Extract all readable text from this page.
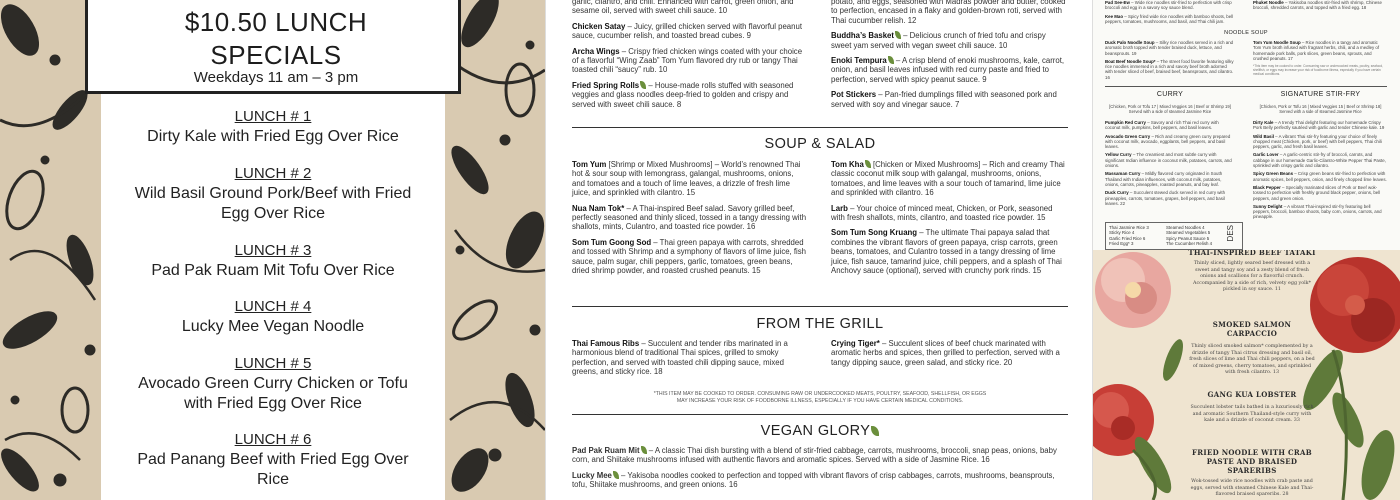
$10.50 LUNCH
SPECIALS
Weekdays 11 am – 3 pm
LUNCH # 1
Dirty Kale with Fried Egg Over Rice
LUNCH # 2
Wild Basil Ground Pork/Beef with Fried Egg Over Rice
LUNCH # 3
Pad Pak Ruam Mit Tofu Over Rice
LUNCH # 4
Lucky Mee Vegan Noodle
LUNCH # 5
Avocado Green Curry Chicken or Tofu with Fried Egg Over Rice
LUNCH # 6
Pad Panang Beef with Fried Egg Over Rice

garlic, cilantro, and chili. Enhanced with carrot, green onion, and sesame oil, served with sweet chili sauce. 10

Chicken Satay – Juicy, grilled chicken served with flavorful peanut sauce, cucumber relish, and toasted bread cubes. 9

Archa Wings – Crispy fried chicken wings coated with your choice of a flavorful “Wing Zaab” Tom Yum flavored dry rub or tangy Thai toasted chili “saucy” rub. 10

Fried Spring Rolls – House-made rolls stuffed with seasoned veggies and glass noodles deep-fried to golden and crispy and served with sweet chili sauce. 8

potato, and eggs, seasoned with Madras powder and butter, cooked to perfection, encased in a flaky and golden-brown roti, served with Thai cucumber relish. 12

Buddha’s Basket – Delicious crunch of fried tofu and crispy sweet yam served with vegan sweet chili sauce. 10

Enoki Tempura – A crisp blend of enoki mushrooms, kale, carrot, onion, and basil leaves infused with red curry paste and fried to perfection, served with spicy peanut sauce. 9

Pot Stickers – Pan-fried dumplings filled with seasoned pork and served with soy and vinegar sauce. 7

SOUP & SALAD

Tom Yum [Shrimp or Mixed Mushrooms] – World’s renowned Thai hot & sour soup with lemongrass, galangal, mushrooms, onions, and tomatoes and a touch of lime leaves, a drizzle of fresh lime juice, and sprinkled with cilantro. 15

Nua Nam Tok* – A Thai-inspired Beef salad. Savory grilled beef, perfectly seasoned and thinly sliced, tossed in a tangy dressing with shallots, mints, Culantro, and toasted rice powder. 16

Som Tum Goong Sod – Thai green papaya with carrots, shredded and tossed with Shrimp and a symphony of flavors of lime juice, fish sauce, palm sugar, chili peppers, garlic, tomatoes, green beans, dried shrimp powder, and roasted crushed peanuts. 15

Tom Kha [Chicken or Mixed Mushrooms] – Rich and creamy Thai classic coconut milk soup with galangal, mushrooms, onions, tomatoes, and lime leaves with a sour touch of tamarind, lime juice and sprinkled with cilantro. 16

Larb – Your choice of minced meat, Chicken, or Pork, seasoned with fresh shallots, mints, cilantro, and toasted rice powder. 15

Som Tum Song Kruang – The ultimate Thai papaya salad that combines the vibrant flavors of green papaya, crisp carrots, green beans, tomatoes, and Culantro tossed in a tangy dressing of lime juice, fish sauce, tamarind juice, chili peppers, and a splash of Thai Anchovy sauce (optional), served with crunchy pork rinds. 15

FROM THE GRILL

Thai Famous Ribs – Succulent and tender ribs marinated in a harmonious blend of traditional Thai spices, grilled to smoky perfection, and served with toasted chili dipping sauce, mixed greens, and sticky rice. 18

Crying Tiger* – Succulent slices of beef chuck marinated with aromatic herbs and spices, then grilled to perfection, served with a tangy dipping sauce, green salad, and sticky rice. 20

*THIS ITEM MAY BE COOKED TO ORDER. CONSUMING RAW OR UNDERCOOKED MEATS, POULTRY, SEAFOOD, SHELLFISH, OR EGGS
MAY INCREASE YOUR RISK OF FOODBORNE ILLNESS, ESPECIALLY IF YOU HAVE CERTAIN MEDICAL CONDITIONS.
VEGAN GLORY

Pad Pak Ruam Mit – A classic Thai dish bursting with a blend of stir-fried cabbage, carrots, mushrooms, broccoli, snap peas, onions, baby corn, and Shiitake mushrooms infused with authentic flavors and aromatic spices. Served with a side of Jasmine Rice. 16

Lucky Mee – Yakisoba noodles cooked to perfection and topped with vibrant flavors of crisp cabbages, carrots, mushrooms, beansprouts, tofu, Shiitake mushrooms, and green onions. 16

Pad See-Ew – Wide rice noodles stir-fried to perfection with crisp broccoli and egg in a savory soy sauce blend.

Kee Mao – Spicy fried wide rice noodles with bamboo shoots, bell peppers, tomatoes, mushrooms, and basil, and Thai chili jam.

Phuket Noodle – Yakisoba noodles stir-fried with shrimp, Chinese broccoli, shredded carrots, and topped with a fried egg. 18

NOODLE SOUP

Duck Palo Noodle Soup – Silky rice noodles served in a rich and aromatic broth topped with tender braised duck, lettuce, and beansprouts. 19

Boat Beef Noodle Soup* – The street food favorite featuring silky rice noodles immersed in a rich and savory beef broth adorned with tender sliced of beef, braised beef, beansprouts, and cilantro. 16

Tom Yum Noodle Soup – Rice noodles in a tangy and aromatic Tom Yum broth infused with fragrant herbs, chili, and a medley of homemade pork balls, pork slices, green beans, sprouts, and crushed peanuts. 17

*This item may be cooked to order. Consuming raw or undercooked meats, poultry, seafood, shellfish, or eggs may increase your risk of foodborne illness, especially if you have certain medical conditions.

CURRY
[Chicken, Pork or Tofu 17 | Mixed Veggies 16 | Beef or Shrimp 19] Served with a side of steamed Jasmine Rice

Pumpkin Red Curry – Savory and rich Thai red curry with coconut milk, pumpkins, bell peppers, and basil leaves.

Avocado Green Curry – Rich and creamy green curry prepared with coconut milk, avocado, eggplants, bell peppers, and basil leaves.

Yellow Curry – The creamiest and most subtle curry with significant Indian influence in coconut milk, potatoes, carrots, and onions.

Massaman Curry – Mildly flavored curry originated in South Thailand with Indian influences, with coconut milk, potatoes, onions, carrots, pineapples, roasted peanuts, and bay leaf.

Duck Curry – Succulent stewed duck served in red curry with pineapples, carrots, tomatoes, grapes, bell peppers, and basil leaves. 22

SIGNATURE STIR-FRY
[Chicken, Pork or Tofu 16 | Mixed Veggies 15 | Beef or Shrimp 18] Served with a side of steamed Jasmine Rice

Dirty Kale – A trendy Thai delight featuring our homemade Crispy Pork Belly perfectly sautéed with garlic and tender Chinese kale. 19

Wild Basil – A vibrant Thai stir-fry featuring your choice of finely chopped meat (Chicken, pork, or beef) with bell peppers, Thai chili peppers, garlic, and fresh basil leaves.

Garlic Lover – A garlic-centric stir-fry of broccoli, carrots, and cabbage in our homemade Garlic-Cilantro-White Pepper Thai Paste, sprinkled with crispy garlic and cilantro.

Spicy Green Beans – Crisp green beans stir-fried to perfection with aromatic spices, bell peppers, onion, and finely chopped lime leaves.

Black Pepper – Specially marinated slices of Pork or Beef wok-tossed to perfection with freshly ground black pepper, onions, bell peppers, and green onion.

Sunny Delight – A vibrant Thai-inspired stir-fry featuring bell peppers, broccoli, bamboo shoots, baby corn, onions, carrots, and pineapple.

Thai Jasmine Rice 3
Sticky Rice 4
Garlic Fried Rice 6
Fried Egg* 3
Steamed Noodles 4
Steamed Vegetables 5
Spicy Peanut Sauce 5
The Cucumber Relish 4
DES
THAI-INSPIRED BEEF TATAKI
Thinly sliced, lightly seared beef dressed with a sweet and tangy soy and a zesty blend of fresh onions and scallions for a flavorful crunch. Accompanied by a side of rich, velvety egg yolk* pickled in soy sauce. 11
SMOKED SALMON CARPACCIO
Thinly sliced smoked salmon* complemented by a drizzle of tangy Thai citrus dressing and basil oil, fresh slices of lime and Thai chili peppers, on a bed of mixed greens, cherry tomatoes, and sprinkled with fresh cilantro. 13
GANG KUA LOBSTER
Succulent lobster tails bathed in a luxuriously rich and aromatic Southern Thailand-style curry with kale and a drizzle of coconut cream. 33
FRIED NOODLE WITH CRAB PASTE AND BRAISED SPARERIBS
Wok-tossed wide rice noodles with crab paste and eggs, served with steamed Chinese Kale and Thai-flavored braised spareribs. 28
